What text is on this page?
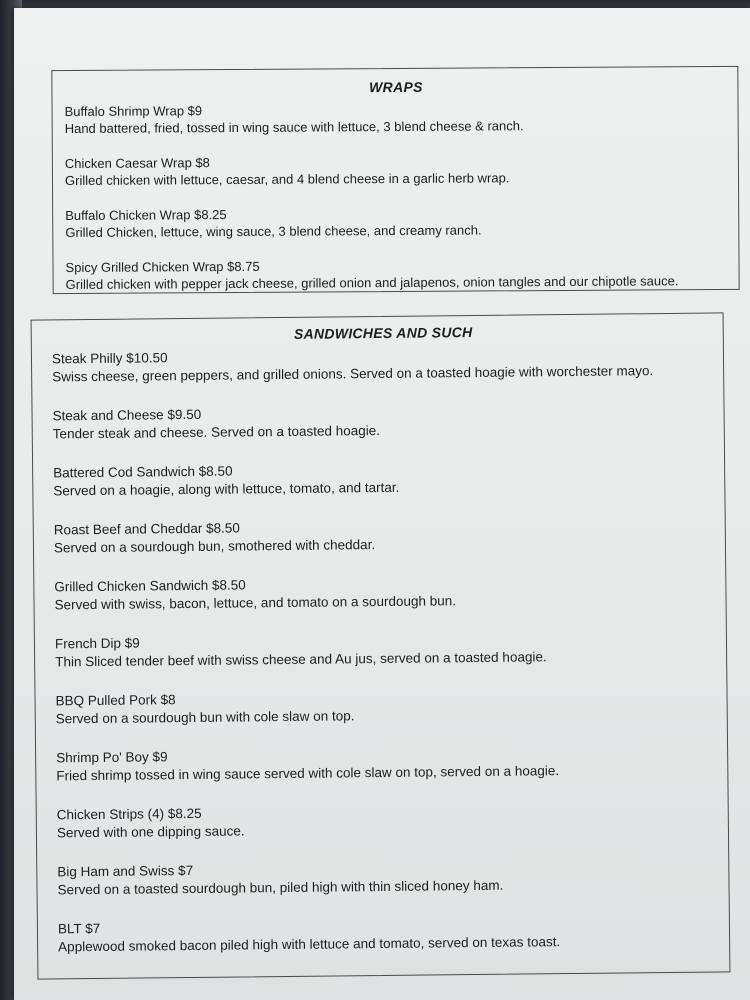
WRAPS
Buffalo Shrimp Wrap $9
Hand battered, fried, tossed in wing sauce with lettuce, 3 blend cheese & ranch.
Chicken Caesar Wrap $8
Grilled chicken with lettuce, caesar, and 4 blend cheese in a garlic herb wrap.
Buffalo Chicken Wrap $8.25
Grilled Chicken, lettuce, wing sauce, 3 blend cheese, and creamy ranch.
Spicy Grilled Chicken Wrap $8.75
Grilled chicken with pepper jack cheese, grilled onion and jalapenos, onion tangles and our chipotle sauce.
SANDWICHES AND SUCH
Steak Philly $10.50
Swiss cheese, green peppers, and grilled onions. Served on a toasted hoagie with worchester mayo.
Steak and Cheese $9.50
Tender steak and cheese. Served on a toasted hoagie.
Battered Cod Sandwich $8.50
Served on a hoagie, along with lettuce, tomato, and tartar.
Roast Beef and Cheddar $8.50
Served on a sourdough bun, smothered with cheddar.
Grilled Chicken Sandwich $8.50
Served with swiss, bacon, lettuce, and tomato on a sourdough bun.
French Dip $9
Thin Sliced tender beef with swiss cheese and Au jus, served on a toasted hoagie.
BBQ Pulled Pork $8
Served on a sourdough bun with cole slaw on top.
Shrimp Po' Boy $9
Fried shrimp tossed in wing sauce served with cole slaw on top, served on a hoagie.
Chicken Strips (4) $8.25
Served with one dipping sauce.
Big Ham and Swiss $7
Served on a toasted sourdough bun, piled high with thin sliced honey ham.
BLT $7
Applewood smoked bacon piled high with lettuce and tomato, served on texas toast.
